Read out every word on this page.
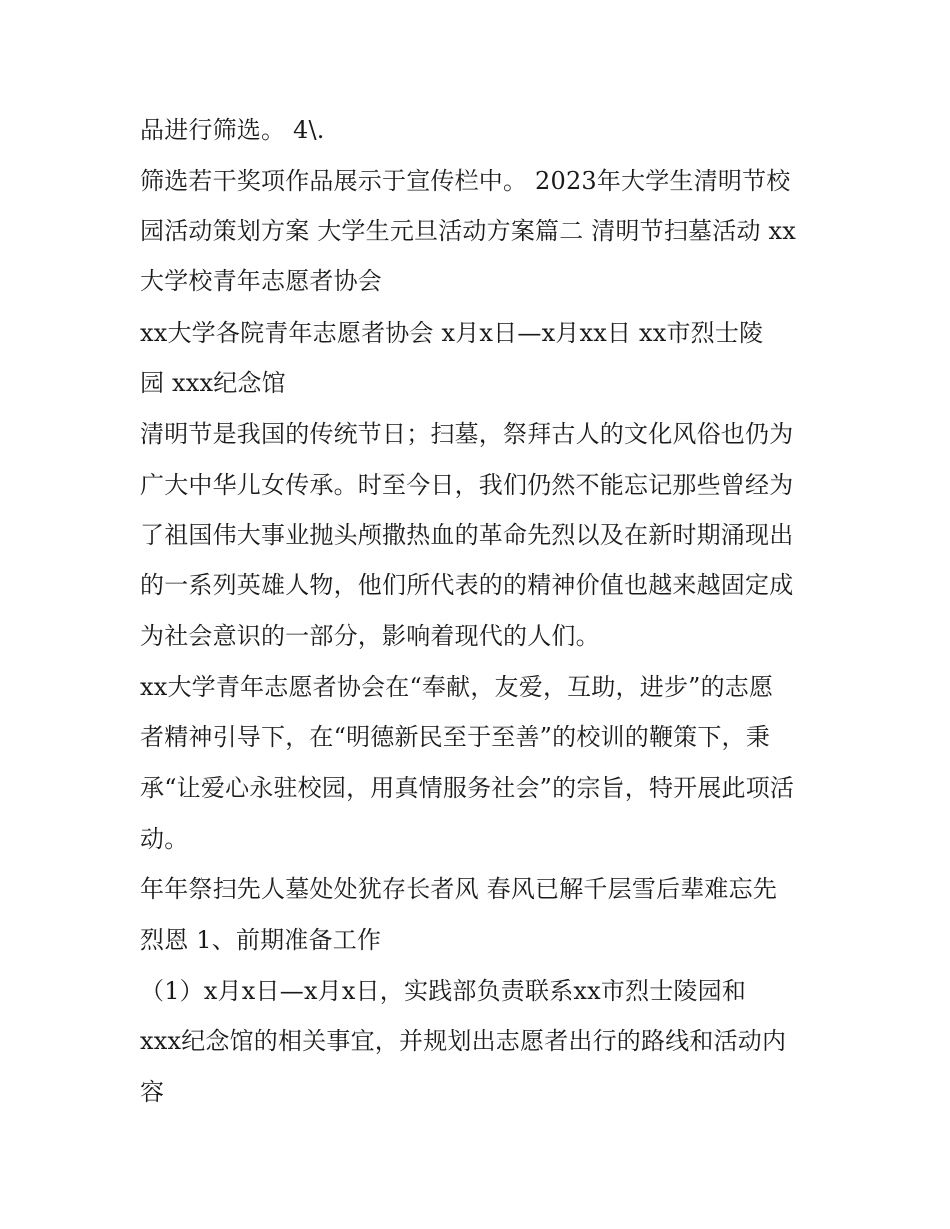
品进行筛选。 4\.
筛选若干奖项作品展示于宣传栏中。 2023年大学生清明节校
园活动策划方案 大学生元旦活动方案篇二 清明节扫墓活动 xx
大学校青年志愿者协会
xx大学各院青年志愿者协会 x月x日—x月xx日 xx市烈士陵
园 xxx纪念馆
清明节是我国的传统节日；扫墓，祭拜古人的文化风俗也仍为
广大中华儿女传承。时至今日，我们仍然不能忘记那些曾经为
了祖国伟大事业抛头颅撒热血的革命先烈以及在新时期涌现出
的一系列英雄人物，他们所代表的的精神价值也越来越固定成
为社会意识的一部分，影响着现代的人们。
xx大学青年志愿者协会在“奉献，友爱，互助，进步”的志愿
者精神引导下，在“明德新民至于至善”的校训的鞭策下，秉
承“让爱心永驻校园，用真情服务社会”的宗旨，特开展此项活
动。
年年祭扫先人墓处处犹存长者风 春风已解千层雪后辈难忘先
烈恩 1、前期准备工作
（1）x月x日—x月x日，实践部负责联系xx市烈士陵园和
xxx纪念馆的相关事宜，并规划出志愿者出行的路线和活动内
容
